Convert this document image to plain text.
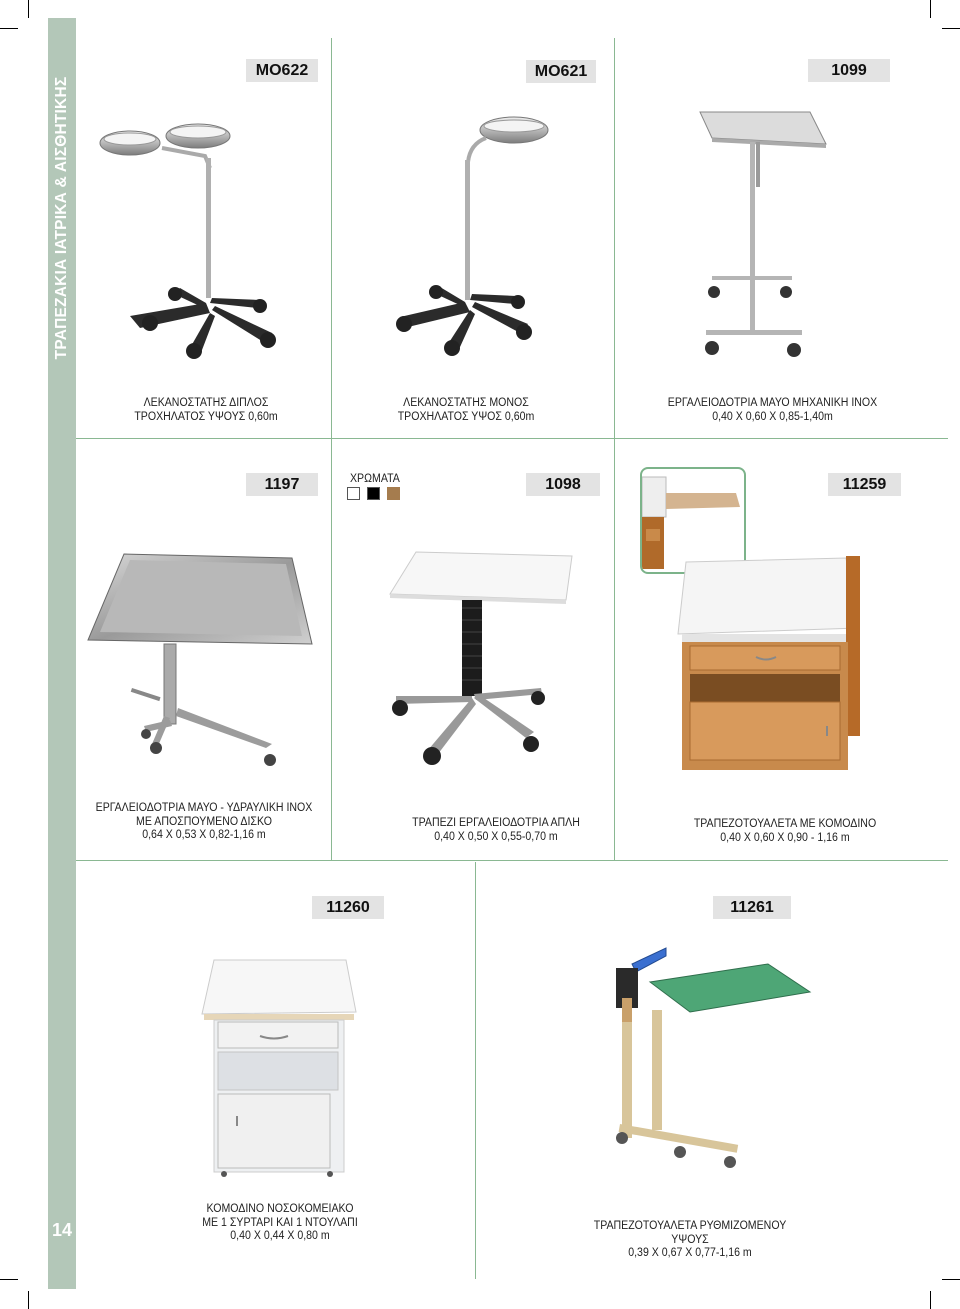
ΤΡΑΠΕΖΑΚΙΑ ΙΑΤΡΙΚΑ & ΑΙΣΘΗΤΙΚΗΣ
14
MO622	MO621	1099
1197	1098	11259
11260	11261
ΧΡΩΜΑΤΑ
ΛΕΚΑΝΟΣΤΑΤΗΣ ΔΙΠΛΟΣ
ΤΡΟΧΗΛΑΤΟΣ ΥΨΟΥΣ 0,60m
ΛΕΚΑΝΟΣΤΑΤΗΣ ΜΟΝΟΣ
ΤΡΟΧΗΛΑΤΟΣ ΥΨΟΣ 0,60m
ΕΡΓΑΛΕΙΟΔΟΤΡΙΑ ΜΑΥΟ ΜΗΧΑΝΙΚΗ ΙΝΟΧ
0,40 Χ 0,60 Χ 0,85-1,40m
ΕΡΓΑΛΕΙΟΔΟΤΡΙΑ ΜΑΥΟ - ΥΔΡΑΥΛΙΚΗ ΙΝΟΧ
ΜΕ ΑΠΟΣΠΟΥΜΕΝΟ ΔΙΣΚΟ
0,64 Χ 0,53 Χ 0,82-1,16 m
ΤΡΑΠΕΖΙ ΕΡΓΑΛΕΙΟΔΟΤΡΙΑ ΑΠΛΗ
0,40 Χ 0,50 Χ 0,55-0,70 m
ΤΡΑΠΕΖΟΤΟΥΑΛΕΤΑ ΜΕ ΚΟΜΟΔΙΝΟ
0,40 Χ 0,60 Χ 0,90 - 1,16 m
ΚΟΜΟΔΙΝΟ ΝΟΣΟΚΟΜΕΙΑΚΟ
ΜΕ 1 ΣΥΡΤΑΡΙ ΚΑΙ 1 ΝΤΟΥΛΑΠΙ
0,40 Χ 0,44 Χ 0,80 m
ΤΡΑΠΕΖΟΤΟΥΑΛΕΤΑ ΡΥΘΜΙΖΟΜΕΝΟΥ ΥΨΟΥΣ
0,39 Χ 0,67 Χ 0,77-1,16 m
